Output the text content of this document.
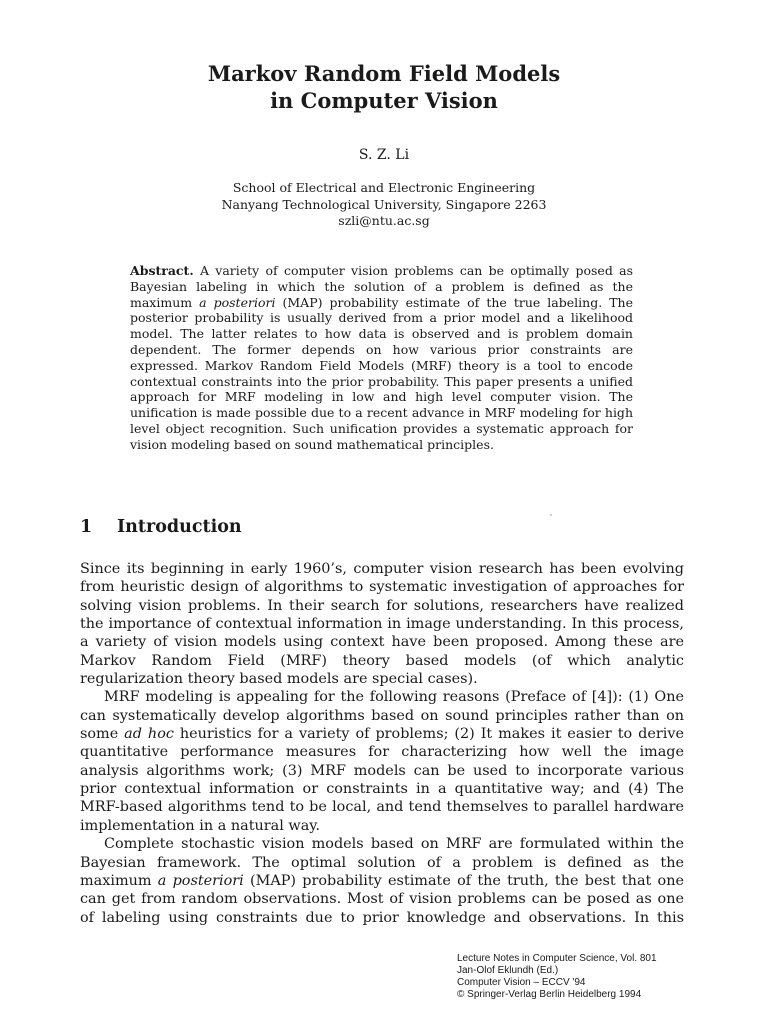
Markov Random Field Models
in Computer Vision
S. Z. Li
School of Electrical and Electronic Engineering
Nanyang Technological University, Singapore 2263
szli@ntu.ac.sg
Abstract. A variety of computer vision problems can be optimally posed as Bayesian labeling in which the solution of a problem is defined as the maximum a posteriori (MAP) probability estimate of the true labeling. The posterior probability is usually derived from a prior model and a likelihood model. The latter relates to how data is observed and is problem domain dependent. The former depends on how various prior constraints are expressed. Markov Random Field Models (MRF) theory is a tool to encode contextual constraints into the prior probability. This paper presents a unified approach for MRF modeling in low and high level computer vision. The unification is made possible due to a recent advance in MRF modeling for high level object recognition. Such unification provides a systematic approach for vision modeling based on sound mathematical principles.
1 Introduction

Since its beginning in early 1960’s, computer vision research has been evolving from heuristic design of algorithms to systematic investigation of approaches for solving vision problems. In their search for solutions, researchers have realized the importance of contextual information in image understanding. In this process, a variety of vision models using context have been proposed. Among these are Markov Random Field (MRF) theory based models (of which analytic regularization theory based models are special cases).

MRF modeling is appealing for the following reasons (Preface of [4]): (1) One can systematically develop algorithms based on sound principles rather than on some ad hoc heuristics for a variety of problems; (2) It makes it easier to derive quantitative performance measures for characterizing how well the image analysis algorithms work; (3) MRF models can be used to incorporate various prior contextual information or constraints in a quantitative way; and (4) The MRF-based algorithms tend to be local, and tend themselves to parallel hardware implementation in a natural way.

Complete stochastic vision models based on MRF are formulated within the Bayesian framework. The optimal solution of a problem is defined as the maximum a posteriori (MAP) probability estimate of the truth, the best that one can get from random observations. Most of vision problems can be posed as one of labeling using constraints due to prior knowledge and observations. In this

Lecture Notes in Computer Science, Vol. 801
Jan-Olof Eklundh (Ed.)
Computer Vision – ECCV '94
© Springer-Verlag Berlin Heidelberg 1994
